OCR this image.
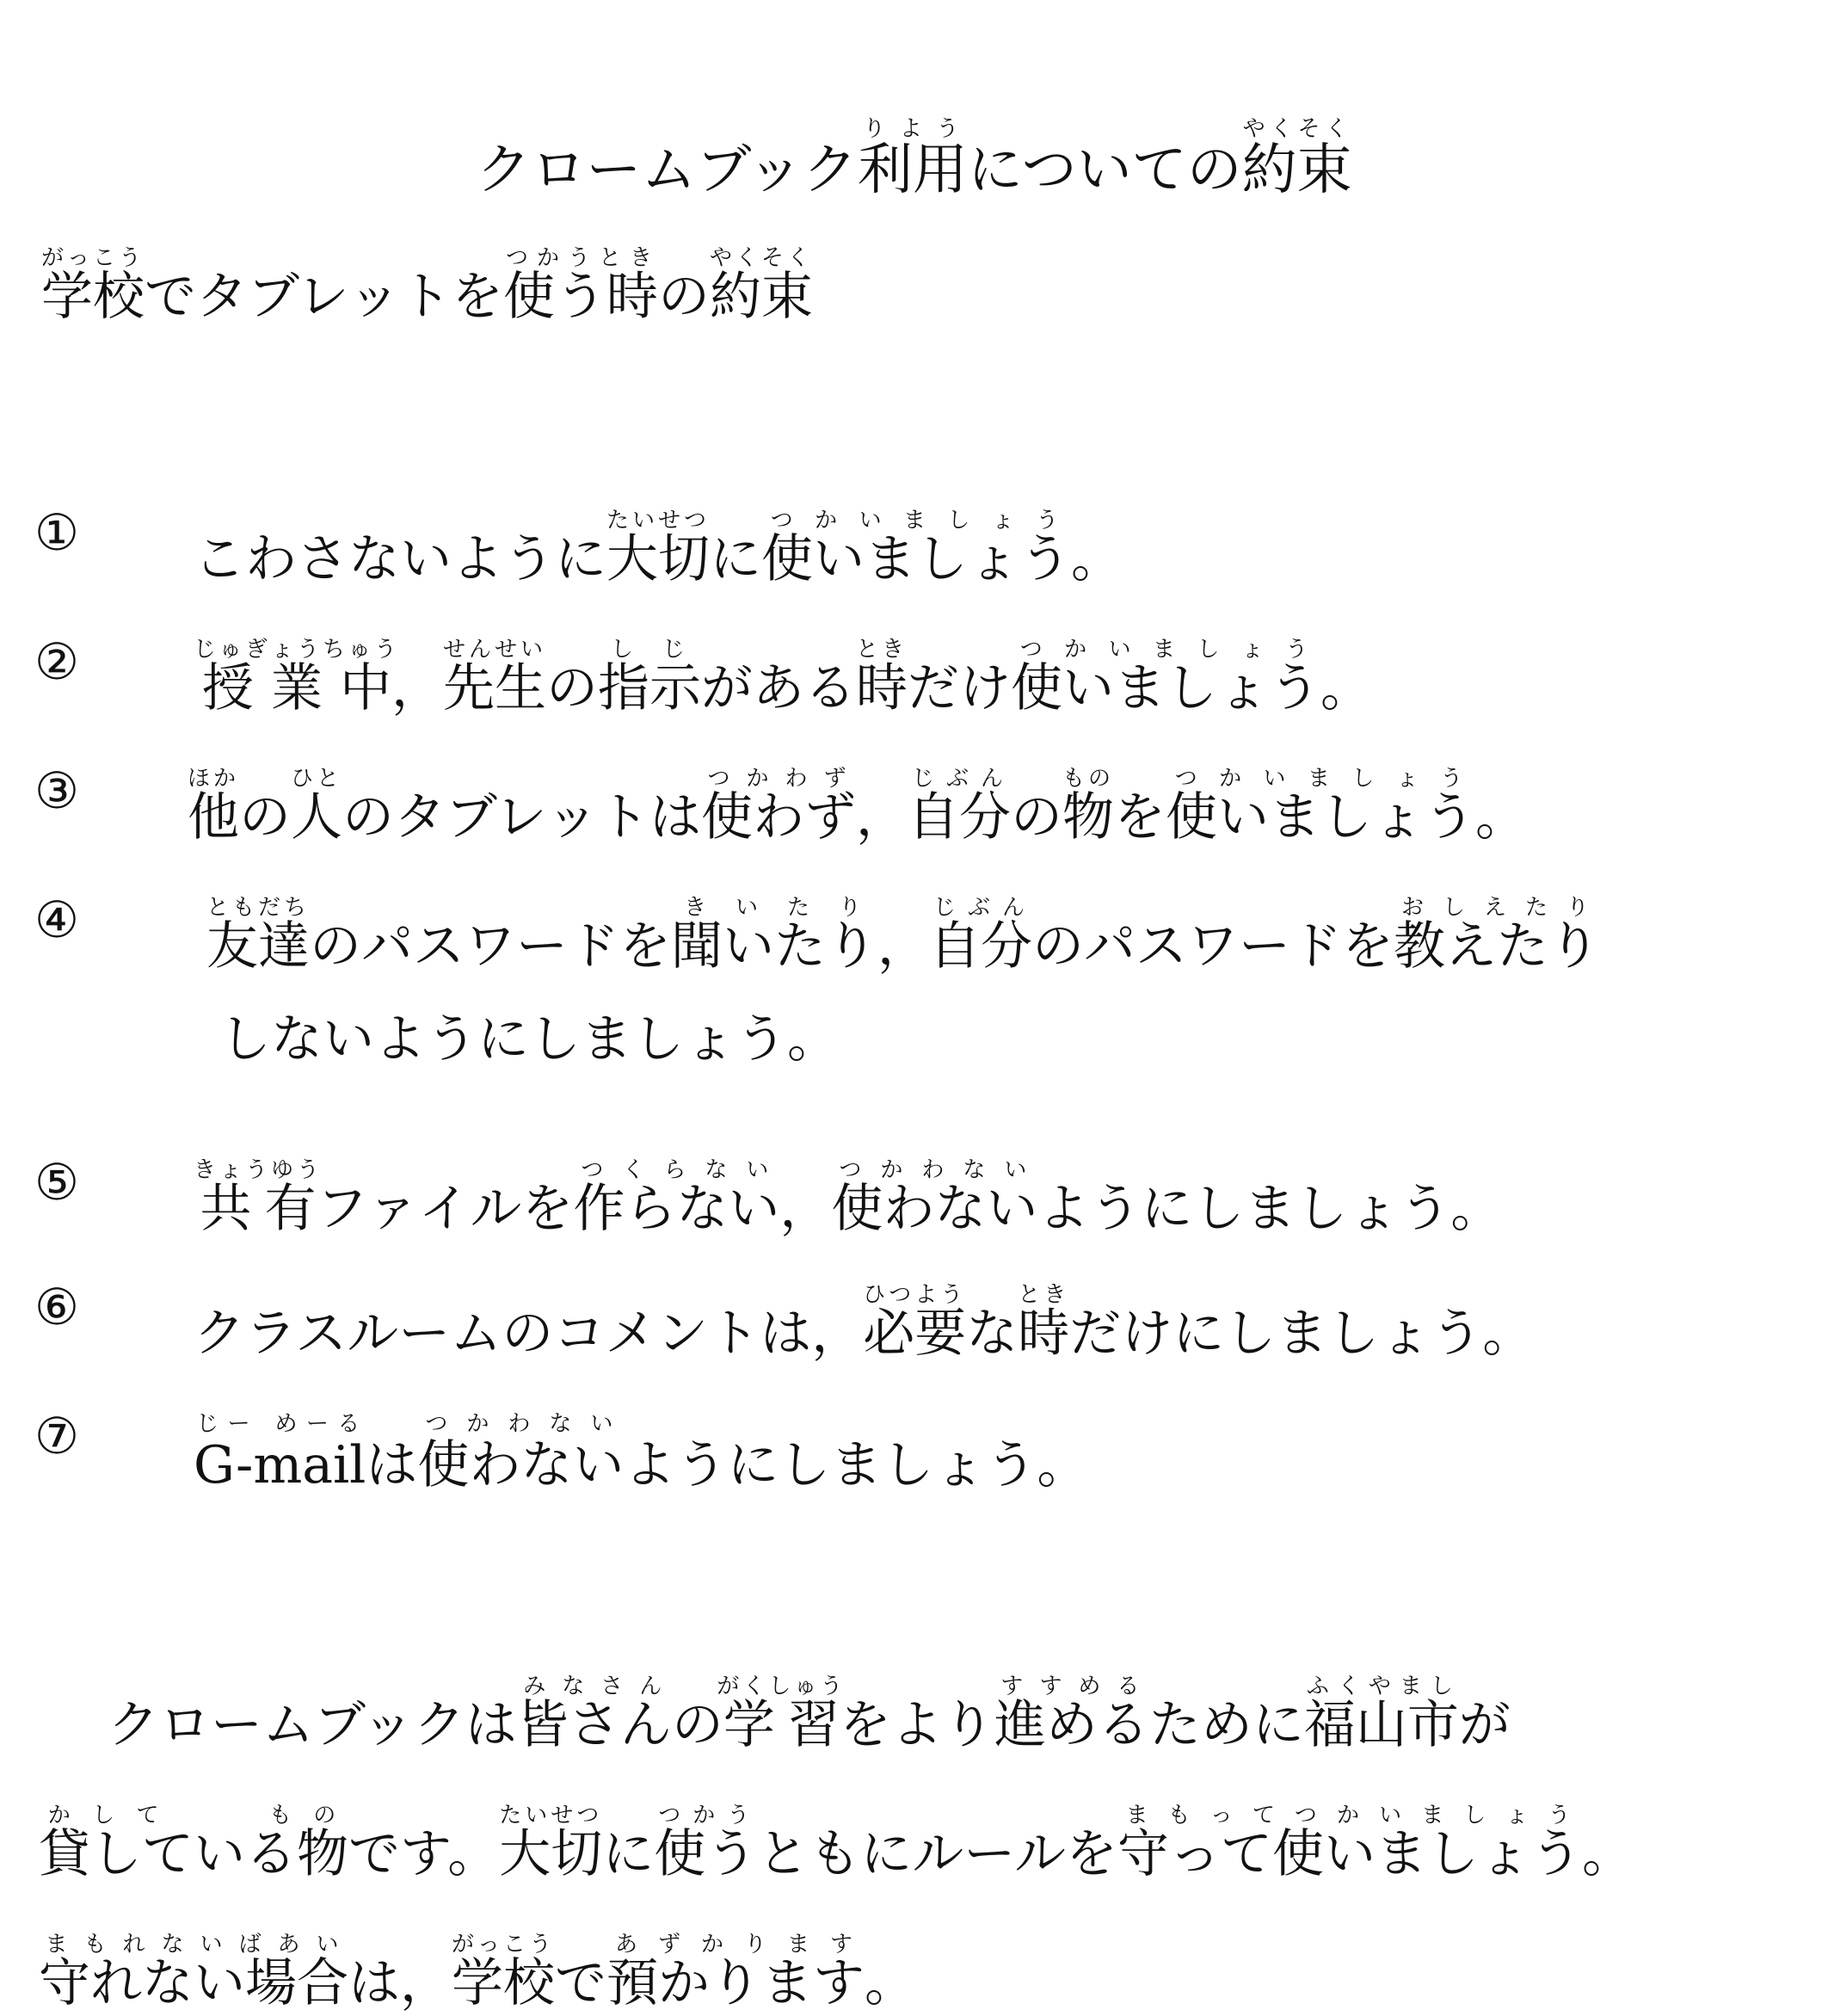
クロームブック利用りようについての約束やくそく
学校がっこうでタブレットを使う時つかうときの約束やくそく
① こわさないように大切たいせつに使いましょうつかいましょう。
② 授業中じゅぎょうちゅう，先生せんせいの指示しじがある時ときだけ使いましょうつかいましょう。
③ 他ほかの人ひとのタブレットは使わずつかわず，自分じぶんの物ものを使いましょうつかいましょう。
④ 友達ともだちのパスワードを聞いたりきいたり，自分じぶんのパスワードを教えたりおしえたり
しないようにしましょう。
⑤ 共有きょうゆうファイルを作らないつくらない，使わないつかわないようにしましょう。
⑥ クラスルームのコメントは，必要ひつような時ときだけにしましょう。
⑦ G-mailじー めーるは使わないつかわないようにしましょう。
クロームブックは皆さんみなさんの学習がくしゅうをより進めるすすめるために福山市ふくやましが
貸している物かして　　ものです。大切たいせつに使うつかうともにルールを守って使いましょうまもってつかいましょう。
守れない場合まもれないばあいは，学校がっこうで預かりますあずかります。
